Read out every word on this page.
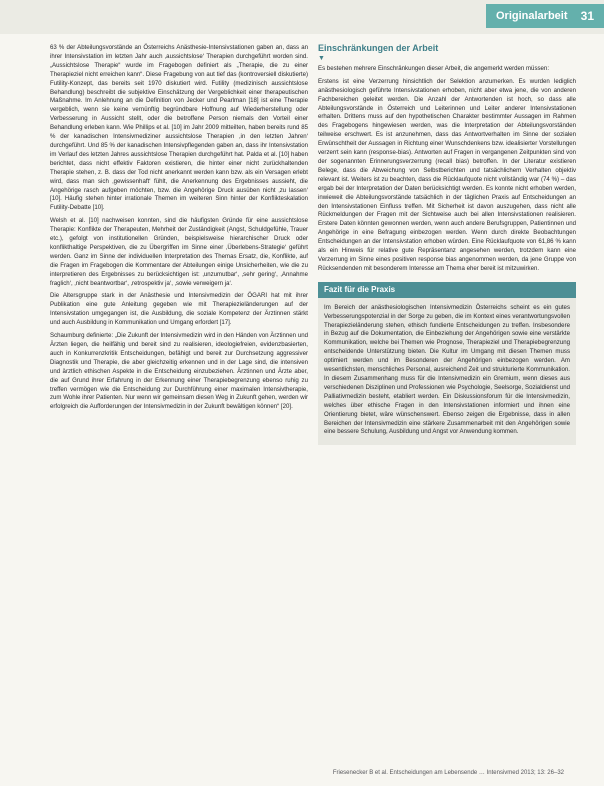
Originalarbeit 31

63 % der Abteilungsvorstände an Österreichs Anästhesie-Intensivstationen gaben an, dass an ihrer Intensivstation im letzten Jahr auch ‚aussichtslose‘ Therapien durchgeführt worden sind. „Aussichtslose Therapie“ wurde im Fragebogen definiert als „Therapie, die zu einer Therapieziel nicht erreichen kann“. Diese Fragebung von aut tief das (kontroversiell diskutierte) Futility-Konzept, das bereits seit 1970 diskutiert wird. Futility (medizinisch aussichtslose Behandlung) beschreibt die subjektive Einschätzung der Vergeblichkeit einer therapeutischen Maßnahme. Im Anlehnung an die Definition von Jecker und Pearlman [18] ist eine Therapie vergeblich, wenn sie keine vernünftig begründbare Hoffnung auf Wiederherstellung oder Verbesserung in Aussicht stellt, oder die betroffene Person niemals den Vorteil einer Behandlung erleben kann. Wie Phillips et al. [10] im Jahr 2009 mitteilten, haben bereits rund 85 % der kanadischen Intensivmediziner aussichtslose Therapien ‚in den letzten Jahren‘ durchgeführt. Und 85 % der kanadischen Intensivpflegenden gaben an, dass ihr Intensivstation im Verlauf des letzten Jahres aussichtslose Therapien durchgeführt hat. Palda et al. [10] haben berichtet, dass nicht effektiv Faktoren existieren, die hinter einer nicht zurückhaltenden Therapie stehen, z. B. dass der Tod nicht anerkannt werden kann bzw. als ein Versagen erlebt wird, dass man sich ‚gewissenhaft‘ fühlt, die Anerkennung des Ergebnisses aussieht, die Angehörige rasch aufgeben möchten, bzw. die Angehörige Druck ausüben nicht ‚zu lassen‘ [10]. Häufig stehen hinter irrationale Themen im weiteren Sinn hinter der Konflikteskalation Futility-Debatte [10].

Welsh et al. [10] nachweisen konnten, sind die häufigsten Gründe für eine aussichtslose Therapie: Konflikte der Therapeuten, Mehrheit der Zuständigkeit (Angst, Schuldgefühle, Trauer etc.), gefolgt von institutionellen Gründen, beispielsweise hierarchischer Druck oder konflikthaltige Perspektiven, die zu Übergriffen im Sinne einer ‚Überlebens-Strategie‘ geführt werden. Ganz im Sinne der individuellen Interpretation des Themas Ersatz, die, Konflikte, auf die Fragen im Fragebogen die Kommentare der Abteilungen einige Unsicherheiten, wie die zu interpretieren des Ergebnisses zu berücksichtigen ist: ‚unzumutbar‘, ‚sehr gering‘, ‚Annahme fraglich‘, ‚nicht beantwortbar‘, ‚retrospektiv ja‘, ‚sowie verweigern ja‘.

Die Altersgruppe stark in der Anästhesie und Intensivmedizin der ÖGARI hat mit ihrer Publikation eine gute Anleitung gegeben wie mit Therapiezieländerungen auf der Intensivstation umgegangen ist, die Ausbildung, die soziale Kompetenz der Ärztinnen stärkt und auch Ausbildung in Kommunikation und Umgang erfordert [17].

Schaumburg definierte: „Die Zukunft der Intensivmedizin wird in den Händen von Ärztinnen und Ärzten liegen, die heilfähig und bereit sind zu realisieren, ideologiefreien, evidenzbasierten, auch in Konkurrenzkritik Entscheidungen, befähigt und bereit zur Durchsetzung aggressiver Diagnostik und Therapie, die aber gleichzeitig erkennen und in der Lage sind, die intensiven und ärztlich ethischen Aspekte in die Entscheidung einzubeziehen. Ärztinnen und Ärzte aber, die auf Grund ihrer Erfahrung in der Erkennung einer Therapiebegrenzung ebenso ruhig zu treffen vermögen wie die Entscheidung zur Durchführung einer maximalen Intensivtherapie, zum Wohle ihrer Patienten. Nur wenn wir gemeinsam diesen Weg in Zukunft gehen, werden wir erfolgreich die Aufforderungen der Intensivmedizin in der Zukunft bewältigen können“ [20].

Einschränkungen der Arbeit
▼

Es bestehen mehrere Einschränkungen dieser Arbeit, die angemerkt werden müssen:

Erstens ist eine Verzerrung hinsichtlich der Selektion anzumerken. Es wurden lediglich anästhesiologisch geführte Intensivstationen erhoben, nicht aber etwa jene, die von anderen Fachbereichen geleitet werden. Die Anzahl der Antwortenden ist hoch, so dass alle Abteilungsvorstände in Österreich und Leiterinnen und Leiter anderer Intensivstationen erhalten. Drittens muss auf den hypothetischen Charakter bestimmter Aussagen im Rahmen des Fragebogens hingewiesen werden, was die Interpretation der Abteilungsvorständen teilweise erschwert. Es ist anzunehmen, dass das Antwortverhalten im Sinne der sozialen Erwünschtheit der Aussagen in Richtung einer Wunschdenkens bzw. idealisierter Vorstellungen verzerrt sein kann (response-bias). Antworten auf Fragen in vergangenen Zeitpunkten sind von der sogenannten Erinnerungsverzerrung (recall bias) betroffen. In der Literatur existieren Belege, dass die Abweichung von Selbstberichten und tatsächlichem Verhalten objektiv relevant ist. Weiters ist zu beachten, dass die Rücklaufquote nicht vollständig war (74 %) – das ergab bei der Interpretation der Daten berücksichtigt werden. Es konnte nicht erhoben werden, inwieweit die Abteilungsvorstände tatsächlich in der täglichen Praxis auf Entscheidungen an den Intensivstationen Einfluss treffen. Mit Sicherheit ist davon auszugehen, dass nicht alle Rückmeldungen der Fragen mit der Sichtweise auch bei allen Intensivstationen realisieren. Erstere Daten könnten gewonnen werden, wenn auch andere Berufsgruppen, Patientinnen und Angehörige in eine Befragung einbezogen werden. Wenn durch direkte Beobachtungen Entscheidungen an der Intensivstation erhoben würden. Eine Rücklaufquote von 61,86 % kann als ein Hinweis für relative gute Repräsentanz angesehen werden, trotzdem kann eine Verzerrung im Sinne eines positiven response bias angenommen werden, da jene Gruppe von Rücksendenden mit besonderem Interesse am Thema eher bereit ist mitzuwirken.

Fazit für die Praxis

Im Bereich der anästhesiologischen Intensivmedizin Österreichs scheint es ein gutes Verbesserungspotenzial in der Sorge zu geben, die im Kontext eines verantwortungsvollen Therapiezieländerung stehen, ethisch fundierte Entscheidungen zu treffen. Insbesondere in Bezug auf die Dokumentation, die Einbeziehung der Angehörigen sowie eine verstärkte Kommunikation, welche bei Themen wie Prognose, Therapieziel und Therapiebegrenzung entscheidende Unterstützung bieten. Die Kultur im Umgang mit diesen Themen muss optimiert werden und im Besonderen der Angehörigen einbezogen werden. Am wesentlichsten, menschliches Personal, ausreichend Zeit und strukturierte Kommunikation. In diesem Zusammenhang muss für die Intensivmedizin ein Gremium, wenn dieses aus verschiedenen Disziplinen und Professionen wie Psychologie, Seelsorge, Sozialdienst und Palliativmedizin besteht, etabliert werden. Ein Diskussionsforum für die Intensivmedizin, welches über ethische Fragen in den Intensivstationen informiert und ihnen eine Orientierung bietet, wäre wünschenswert. Ebenso zeigen die Ergebnisse, dass in allen Bereichen der Intensivmedizin eine stärkere Zusammenarbeit mit den Angehörigen sowie eine bessere Schulung, Ausbildung und Angst vor Anwendung kommen.

Friesenecker B et al. Entscheidungen am Lebensende … Intensivmed 2013; 13: 26–32
